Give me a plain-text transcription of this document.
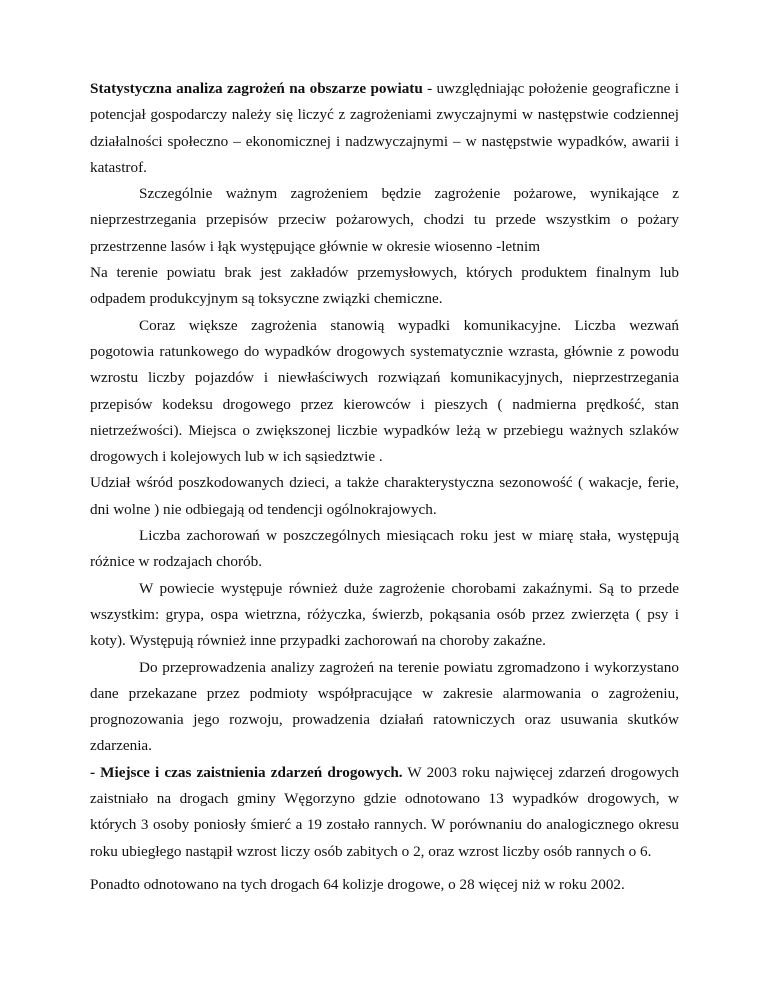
Statystyczna analiza zagrożeń na obszarze powiatu - uwzględniając położenie geograficzne i potencjał gospodarczy należy się liczyć z zagrożeniami zwyczajnymi w następstwie codziennej działalności społeczno – ekonomicznej i nadzwyczajnymi – w następstwie wypadków, awarii i katastrof.

Szczególnie ważnym zagrożeniem będzie zagrożenie pożarowe, wynikające z nieprzestrzegania przepisów przeciw pożarowych, chodzi tu przede wszystkim o pożary przestrzenne lasów i łąk występujące głównie w okresie wiosenno -letnim

Na terenie powiatu brak jest zakładów przemysłowych, których produktem finalnym lub odpadem produkcyjnym są toksyczne związki chemiczne.

Coraz większe zagrożenia stanowią wypadki komunikacyjne. Liczba wezwań pogotowia ratunkowego do wypadków drogowych systematycznie wzrasta, głównie z powodu wzrostu liczby pojazdów i niewłaściwych rozwiązań komunikacyjnych, nieprzestrzegania przepisów kodeksu drogowego przez kierowców i pieszych ( nadmierna prędkość, stan nietrzeźwości). Miejsca o zwiększonej liczbie wypadków leżą w przebiegu ważnych szlaków drogowych i kolejowych lub w ich sąsiedztwie .

Udział wśród poszkodowanych dzieci, a także charakterystyczna sezonowość ( wakacje, ferie, dni wolne ) nie odbiegają od tendencji ogólnokrajowych.

Liczba zachorowań w poszczególnych miesiącach roku jest w miarę stała, występują różnice w rodzajach chorób.

W powiecie występuje również duże zagrożenie chorobami zakaźnymi. Są to przede wszystkim: grypa, ospa wietrzna, różyczka, świerzb, pokąsania osób przez zwierzęta ( psy i koty). Występują również inne przypadki zachorowań na choroby zakaźne.

Do przeprowadzenia analizy zagrożeń na terenie powiatu zgromadzono i wykorzystano dane przekazane przez podmioty współpracujące w zakresie alarmowania o zagrożeniu, prognozowania jego rozwoju, prowadzenia działań ratowniczych oraz usuwania skutków zdarzenia.

- Miejsce i czas zaistnienia zdarzeń drogowych. W 2003 roku najwięcej zdarzeń drogowych zaistniało na drogach gminy Węgorzyno gdzie odnotowano 13 wypadków drogowych, w których 3 osoby poniosły śmierć a 19 zostało rannych. W porównaniu do analogicznego okresu roku ubiegłego nastąpił wzrost liczy osób zabitych o 2, oraz wzrost liczby osób rannych o 6.

Ponadto odnotowano na tych drogach 64 kolizje drogowe, o 28 więcej niż w roku 2002.
